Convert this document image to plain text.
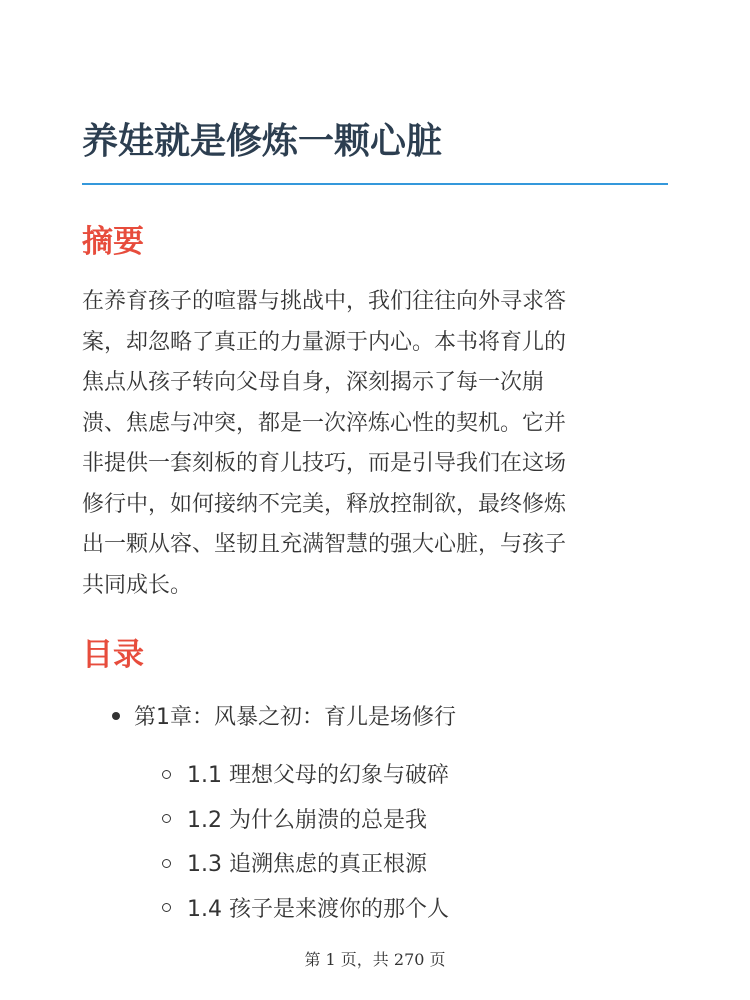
养娃就是修炼一颗心脏
摘要

在养育孩子的喧嚣与挑战中，我们往往向外寻求答
案，却忽略了真正的力量源于内心。本书将育儿的
焦点从孩子转向父母自身，深刻揭示了每一次崩
溃、焦虑与冲突，都是一次淬炼心性的契机。它并
非提供一套刻板的育儿技巧，而是引导我们在这场
修行中，如何接纳不完美，释放控制欲，最终修炼
出一颗从容、坚韧且充满智慧的强大心脏，与孩子
共同成长。

目录
第1章：风暴之初：育儿是场修行
1.1 理想父母的幻象与破碎
1.2 为什么崩溃的总是我
1.3 追溯焦虑的真正根源
1.4 孩子是来渡你的那个人
第 1 页，共 270 页
